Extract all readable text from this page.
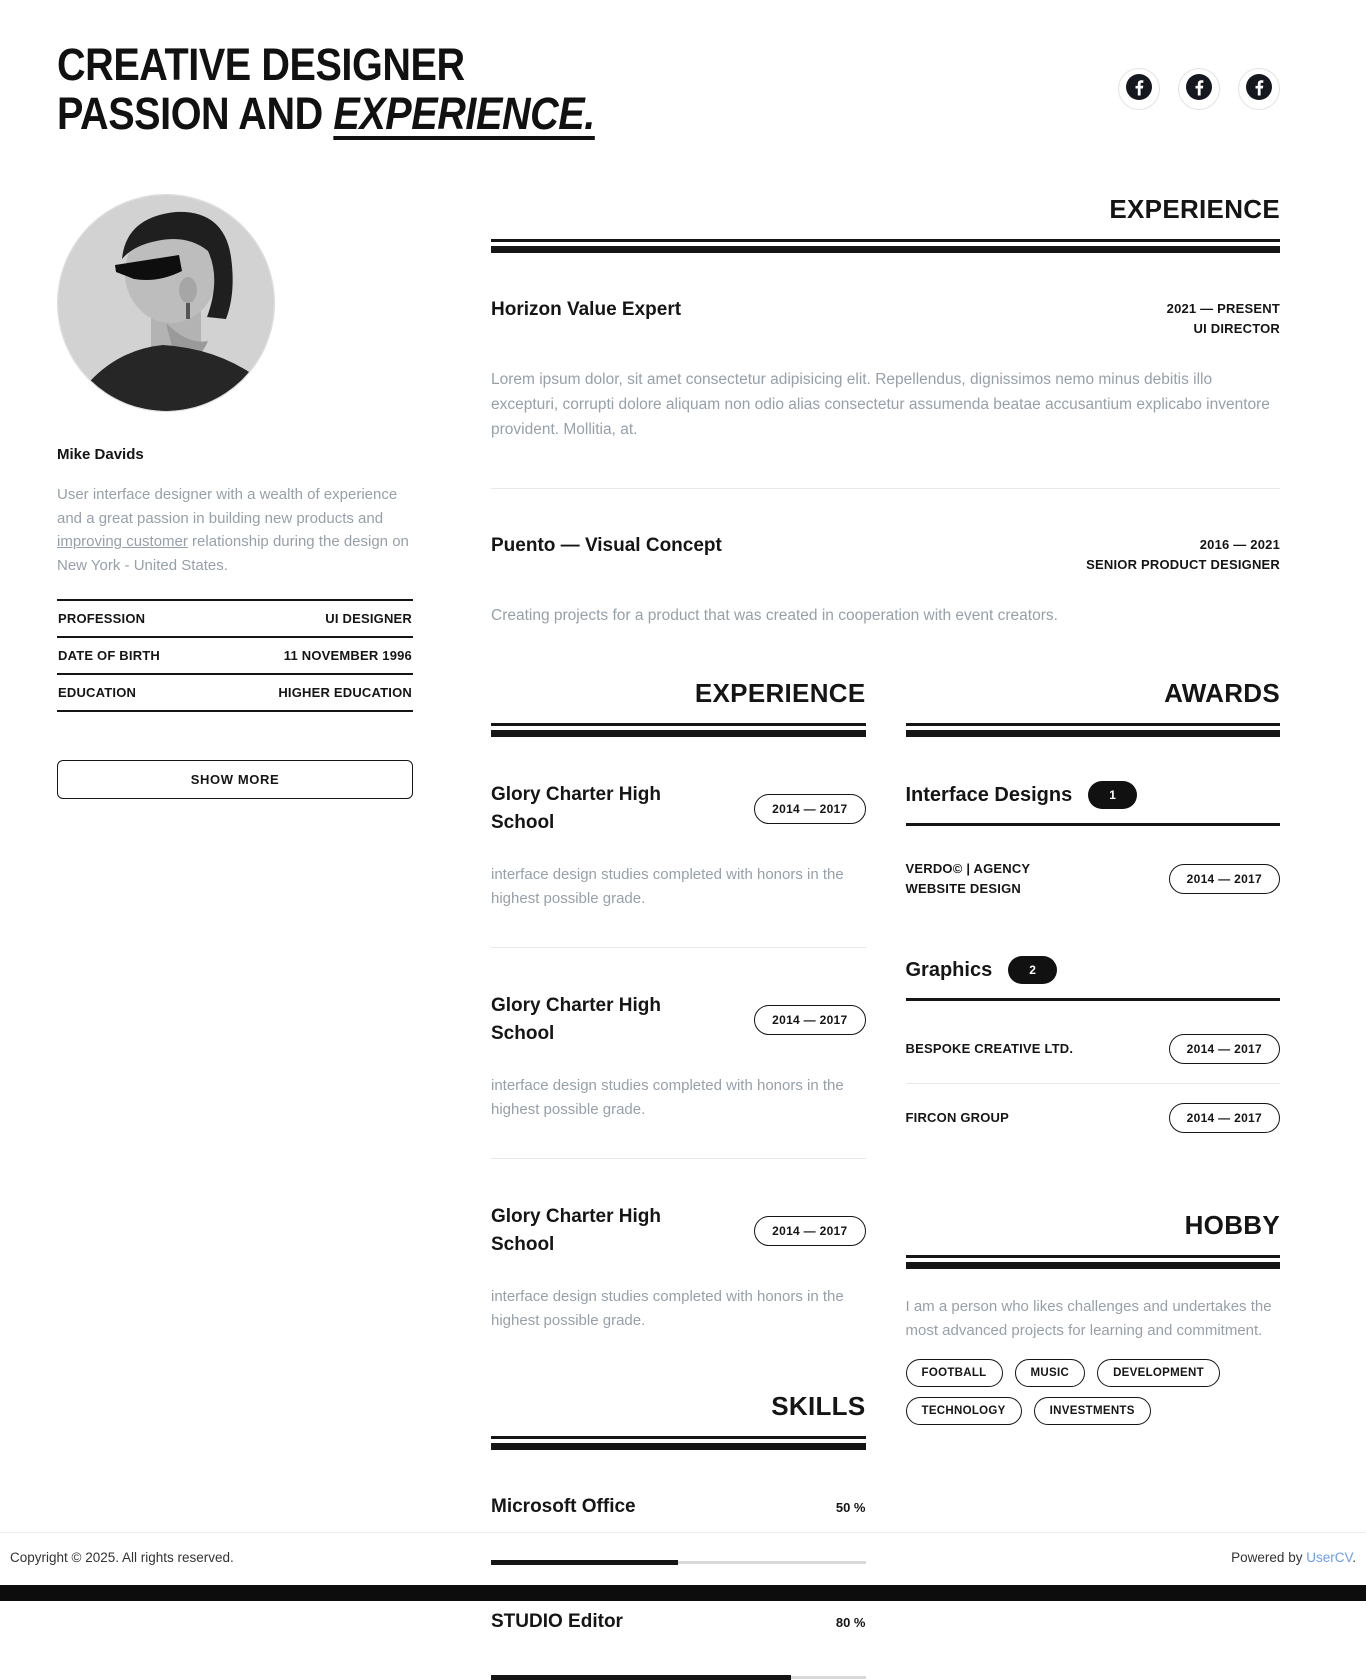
CREATIVE DESIGNER
PASSION AND EXPERIENCE.
Mike Davids

User interface designer with a wealth of experience and a great passion in building new products and improving customer relationship during the design on New York - United States.

PROFESSION	UI DESIGNER
DATE OF BIRTH	11 NOVEMBER 1996
EDUCATION	HIGHER EDUCATION
SHOW MORE
EXPERIENCE
Horizon Value Expert	2021 — PRESENT
UI DIRECTOR

Lorem ipsum dolor, sit amet consectetur adipisicing elit. Repellendus, dignissimos nemo minus debitis illo excepturi, corrupti dolore aliquam non odio alias consectetur assumenda beatae accusantium explicabo inventore provident. Mollitia, at.

Puento — Visual Concept	2016 — 2021
SENIOR PRODUCT DESIGNER

Creating projects for a product that was created in cooperation with event creators.

EXPERIENCE
Glory Charter High School
2014 — 2017

interface design studies completed with honors in the highest possible grade.

Glory Charter High School
2014 — 2017

interface design studies completed with honors in the highest possible grade.

Glory Charter High School
2014 — 2017

interface design studies completed with honors in the highest possible grade.

SKILLS
Microsoft Office	50 %
STUDIO Editor	80 %
AWARDS
Interface Designs	1
VERDO© | AGENCY WEBSITE DESIGN
2014 — 2017
Graphics	2
BESPOKE CREATIVE LTD.	2014 — 2017
FIRCON GROUP	2014 — 2017
HOBBY

I am a person who likes challenges and undertakes the most advanced projects for learning and commitment.

FOOTBALL	MUSIC	DEVELOPMENT
TECHNOLOGY	INVESTMENTS
Copyright © 2025. All rights reserved.	Powered by UserCV.
